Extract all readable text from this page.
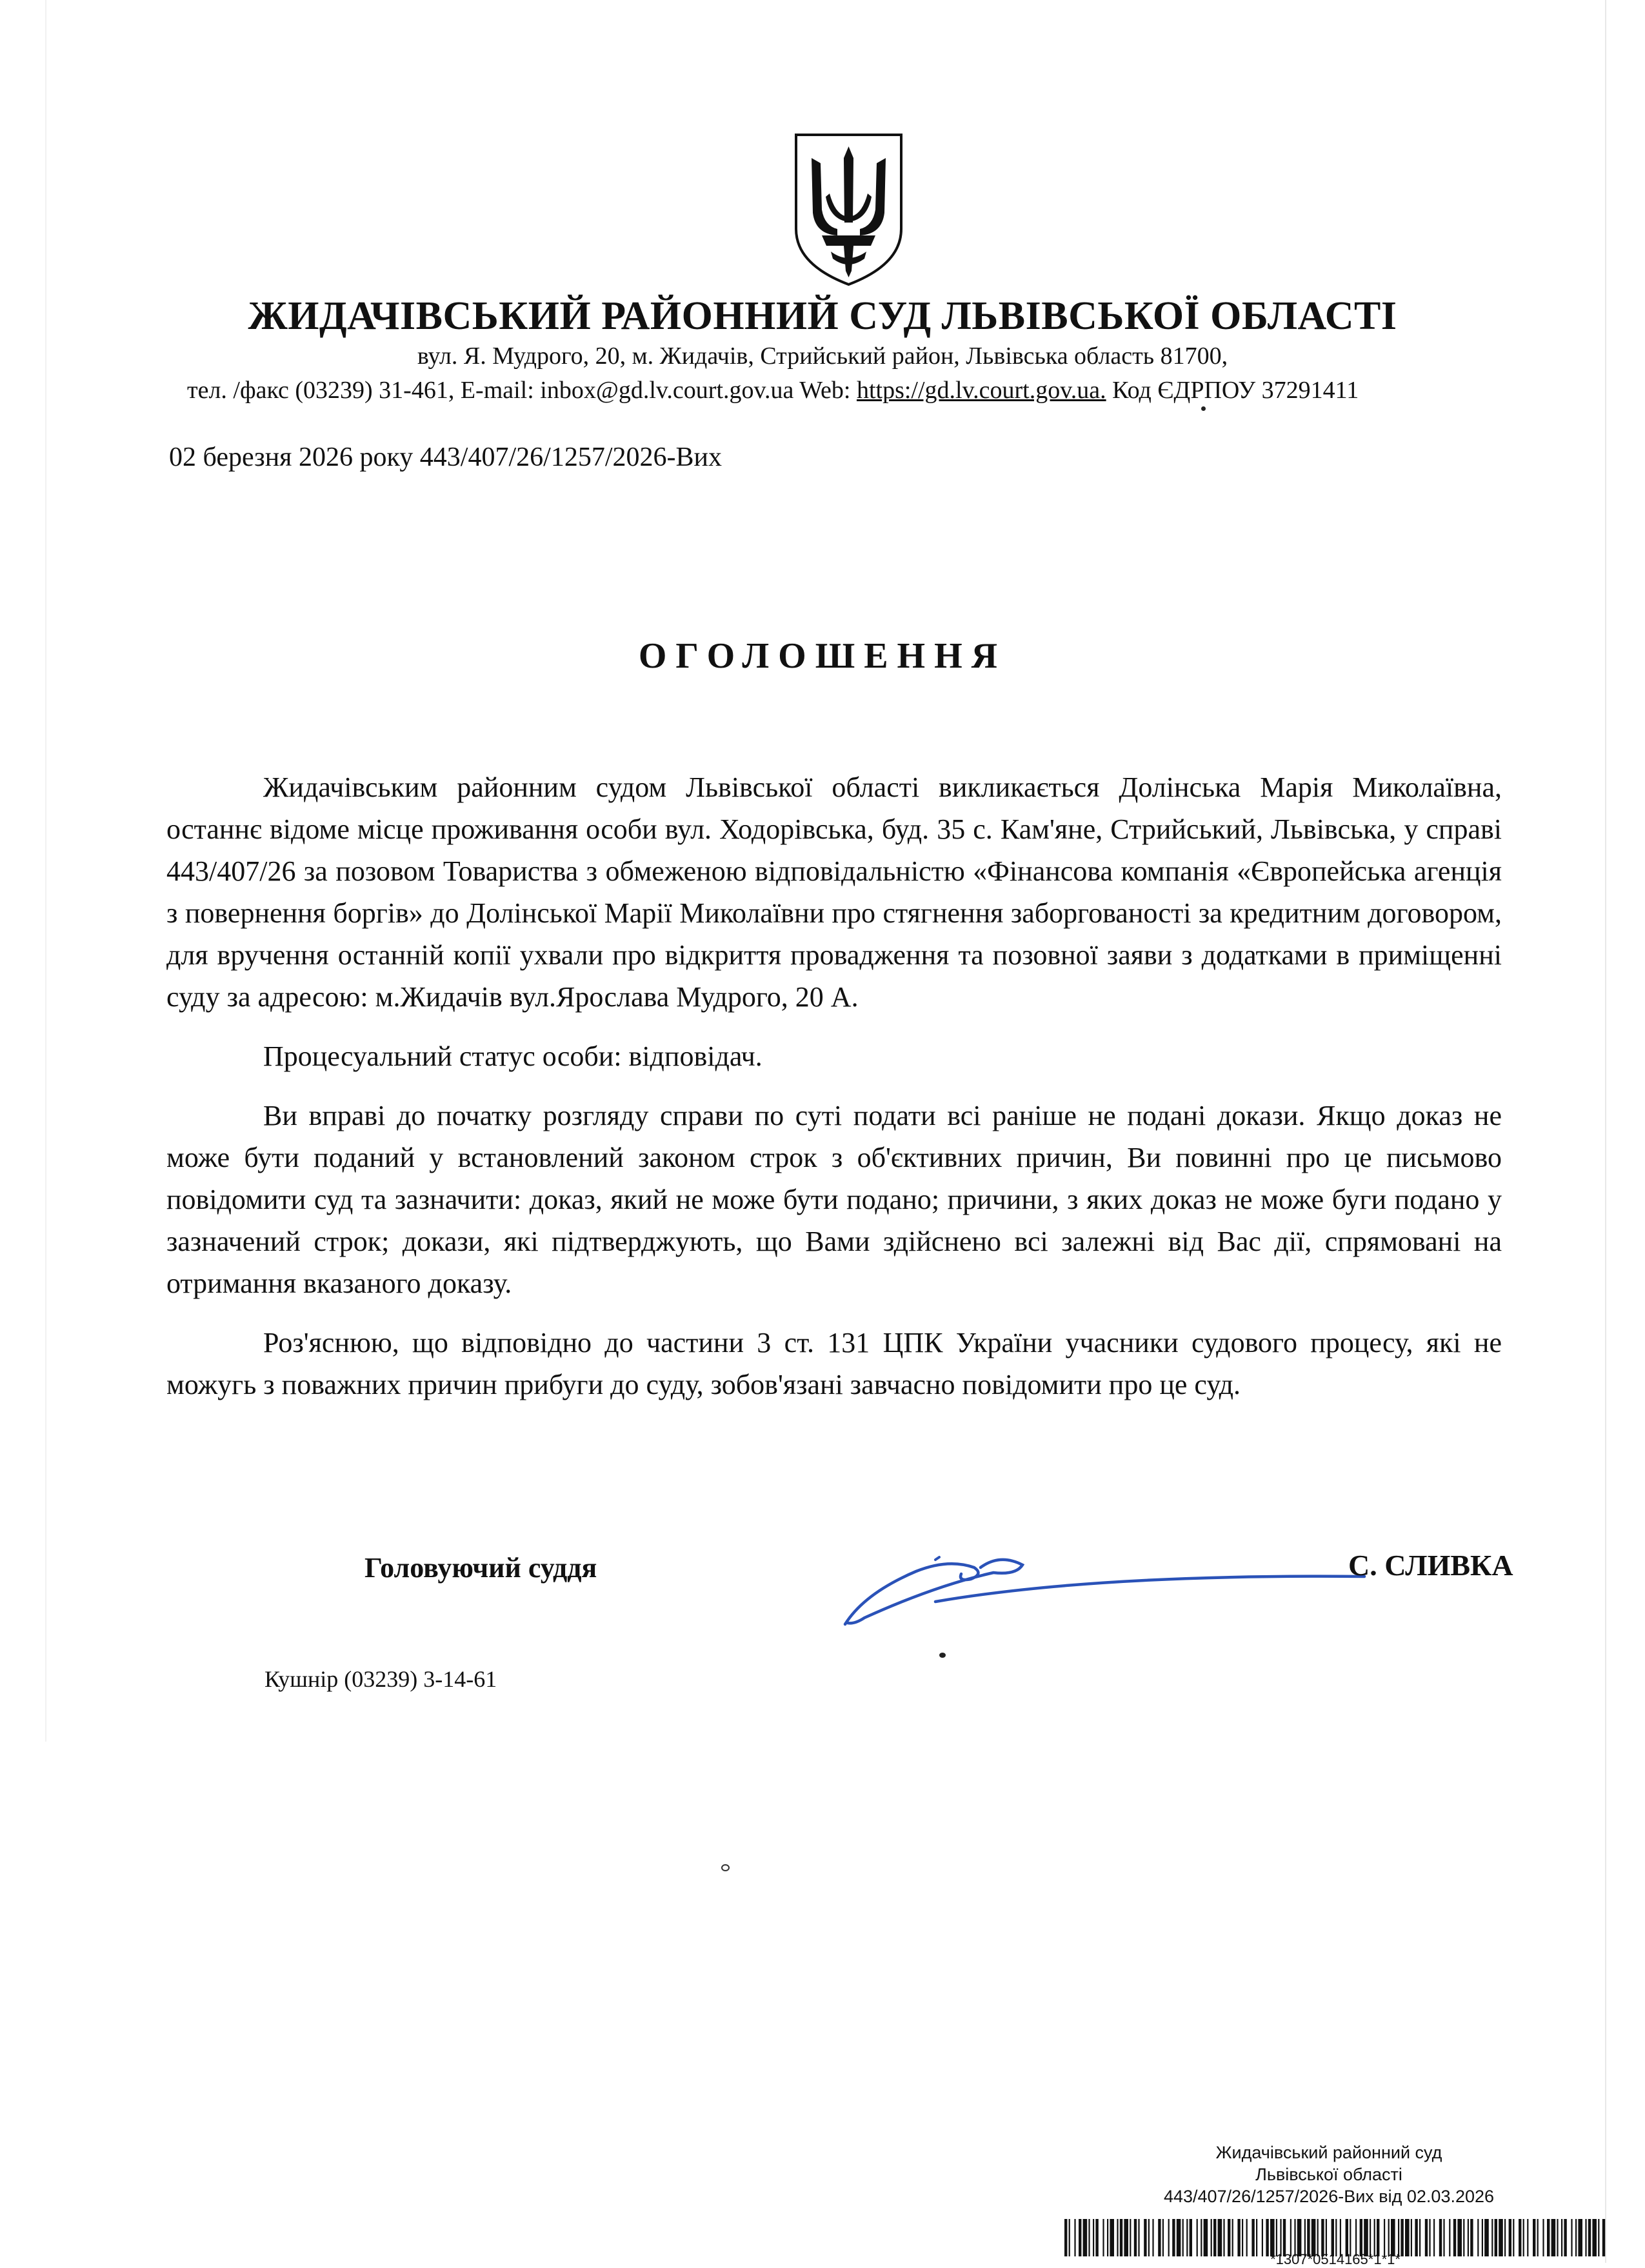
ЖИДАЧІВСЬКИЙ РАЙОННИЙ СУД ЛЬВІВСЬКОЇ ОБЛАСТІ
вул. Я. Мудрого, 20, м. Жидачів, Стрийський район, Львівська область 81700,
тел. /факс (03239) 31-461, E-mail: inbox@gd.lv.court.gov.ua Web: https://gd.lv.court.gov.ua. Код ЄДРПОУ 37291411
02 березня 2026 року 443/407/26/1257/2026-Вих
ОГОЛОШЕННЯ

Жидачівським районним судом Львівської області викликається Долінська Марія Миколаївна, останнє відоме місце проживання особи вул. Ходорівська, буд. 35 с. Кам'яне, Стрийський, Львівська, у справі 443/407/26 за позовом Товариства з обмеженою відповідальністю «Фінансова компанія «Європейська агенція з повернення боргів» до Долінської Марії Миколаївни про стягнення заборгованості за кредитним договором, для вручення останній копії ухвали про відкриття провадження та позовної заяви з додатками в приміщенні суду за адресою: м.Жидачів вул.Ярослава Мудрого, 20 А.

Процесуальний статус особи: відповідач.

Ви вправі до початку розгляду справи по суті подати всі раніше не подані докази. Якщо доказ не може бути поданий у встановлений законом строк з об'єктивних причин, Ви повинні про це письмово повідомити суд та зазначити: доказ, який не може бути подано; причини, з яких доказ не може буги подано у зазначений строк; докази, які підтверджують, що Вами здійснено всі залежні від Вас дії, спрямовані на отримання вказаного доказу.

Роз'яснюю, що відповідно до частини 3 ст. 131 ЦПК України учасники судового процесу, які не можугь з поважних причин прибуги до суду, зобов'язані завчасно повідомити про це суд.

Головуючий суддя	С. СЛИВКА
Кушнір (03239) 3-14-61
Жидачівський районний суд
Львівської області
443/407/26/1257/2026-Вих від 02.03.2026
*1307*0514165*1*1*
